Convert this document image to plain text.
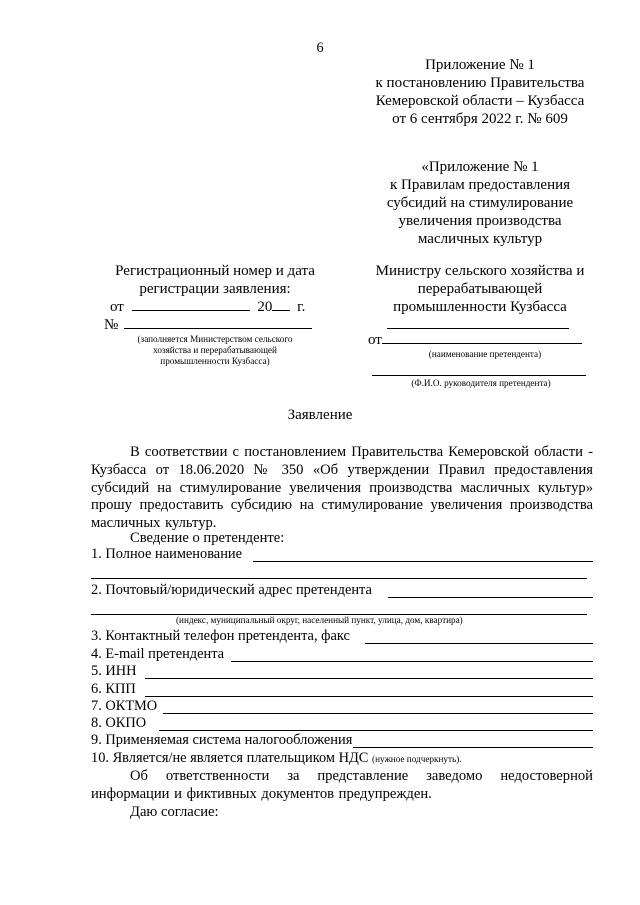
6
Приложение № 1
к постановлению Правительства
Кемеровской области – Кузбасса
от 6 сентября 2022 г. № 609
«Приложение № 1
к Правилам предоставления
субсидий на стимулирование
увеличения производства
масличных культур
Регистрационный номер и дата
регистрации заявления:
от	20 г.
№
(заполняется Министерством сельского
хозяйства и перерабатывающей
промышленности Кузбасса)
Министру сельского хозяйства и
перерабатывающей
промышленности Кузбасса
от
(наименование претендента)
(Ф.И.О. руководителя претендента)
Заявление
В соответствии с постановлением Правительства Кемеровской области - Кузбасса от 18.06.2020 № 350 «Об утверждении Правил предоставления субсидий на стимулирование увеличения производства масличных культур» прошу предоставить субсидию на стимулирование увеличения производства масличных культур.
Сведение о претенденте:
1. Полное наименование
2. Почтовый/юридический адрес претендента
(индекс, муниципальный округ, населенный пункт, улица, дом, квартира)
3. Контактный телефон претендента, факс
4. E-mail претендента
5. ИНН
6. КПП
7. ОКТМО
8. ОКПО
9. Применяемая система налогообложения
10. Является/не является плательщиком НДС (нужное подчеркнуть).
Об ответственности за представление заведомо недостоверной информации и фиктивных документов предупрежден.
Даю согласие:
